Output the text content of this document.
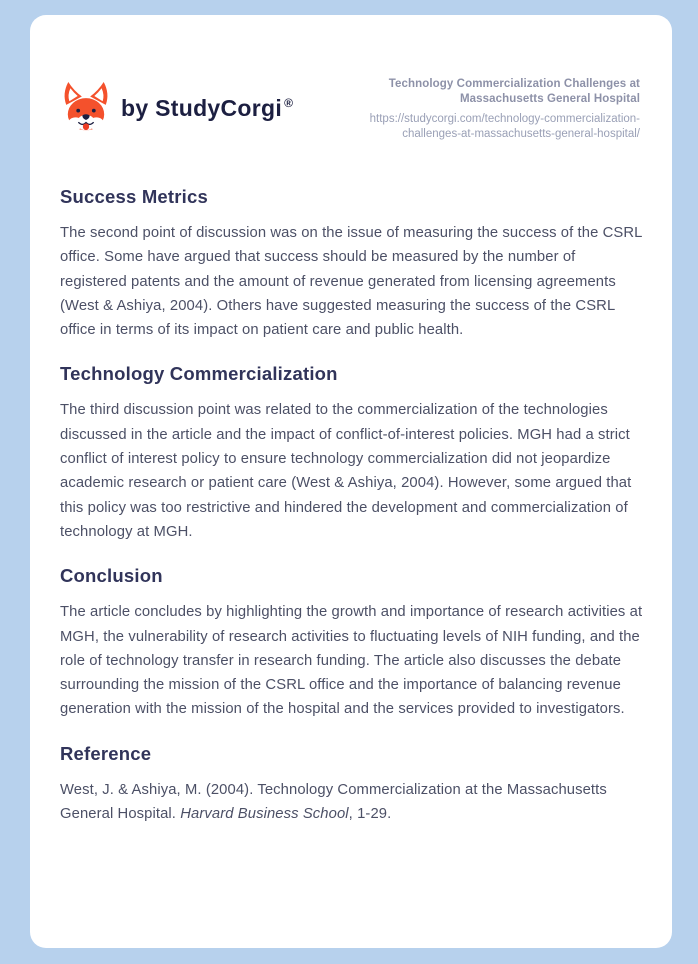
by StudyCorgi ®
Technology Commercialization Challenges at Massachusetts General Hospital
https://studycorgi.com/technology-commercialization-challenges-at-massachusetts-general-hospital/
Success Metrics

The second point of discussion was on the issue of measuring the success of the CSRL office. Some have argued that success should be measured by the number of registered patents and the amount of revenue generated from licensing agreements (West & Ashiya, 2004). Others have suggested measuring the success of the CSRL office in terms of its impact on patient care and public health.

Technology Commercialization

The third discussion point was related to the commercialization of the technologies discussed in the article and the impact of conflict-of-interest policies. MGH had a strict conflict of interest policy to ensure technology commercialization did not jeopardize academic research or patient care (West & Ashiya, 2004). However, some argued that this policy was too restrictive and hindered the development and commercialization of technology at MGH.

Conclusion

The article concludes by highlighting the growth and importance of research activities at MGH, the vulnerability of research activities to fluctuating levels of NIH funding, and the role of technology transfer in research funding. The article also discusses the debate surrounding the mission of the CSRL office and the importance of balancing revenue generation with the mission of the hospital and the services provided to investigators.

Reference

West, J. & Ashiya, M. (2004). Technology Commercialization at the Massachusetts General Hospital. Harvard Business School, 1-29.
